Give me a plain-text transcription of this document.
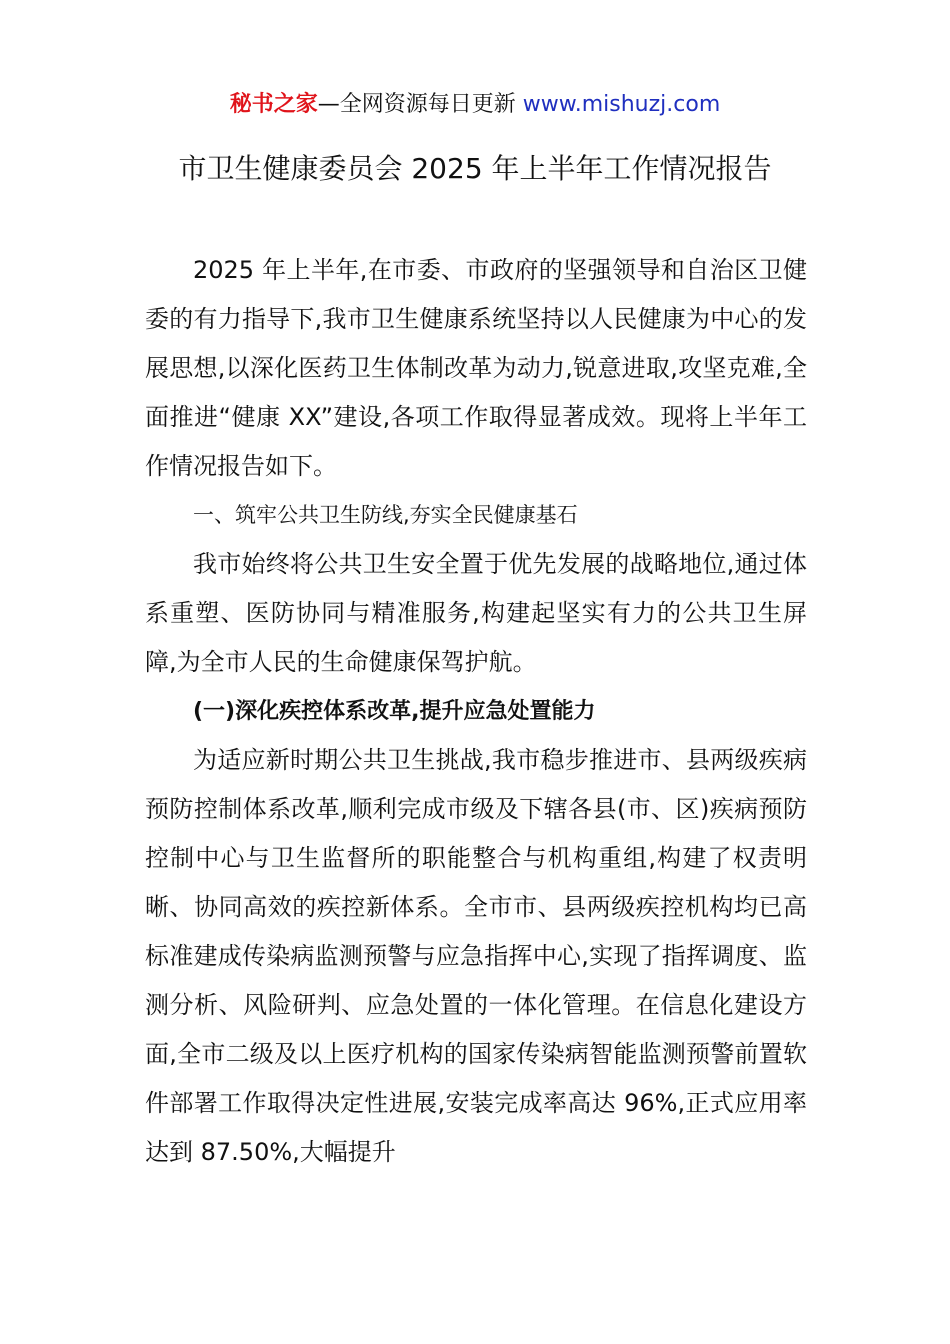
秘书之家—全网资源每日更新 www.mishuzj.com
市卫生健康委员会 2025 年上半年工作情况报告

2025 年上半年,在市委、市政府的坚强领导和自治区卫健委的有力指导下,我市卫生健康系统坚持以人民健康为中心的发展思想,以深化医药卫生体制改革为动力,锐意进取,攻坚克难,全面推进“健康 XX”建设,各项工作取得显著成效。现将上半年工作情况报告如下。

一、筑牢公共卫生防线,夯实全民健康基石

我市始终将公共卫生安全置于优先发展的战略地位,通过体系重塑、医防协同与精准服务,构建起坚实有力的公共卫生屏障,为全市人民的生命健康保驾护航。

(一)深化疾控体系改革,提升应急处置能力

为适应新时期公共卫生挑战,我市稳步推进市、县两级疾病预防控制体系改革,顺利完成市级及下辖各县(市、区)疾病预防控制中心与卫生监督所的职能整合与机构重组,构建了权责明晰、协同高效的疾控新体系。全市市、县两级疾控机构均已高标准建成传染病监测预警与应急指挥中心,实现了指挥调度、监测分析、风险研判、应急处置的一体化管理。在信息化建设方面,全市二级及以上医疗机构的国家传染病智能监测预警前置软件部署工作取得决定性进展,安装完成率高达 96%,正式应用率达到 87.50%,大幅提升
